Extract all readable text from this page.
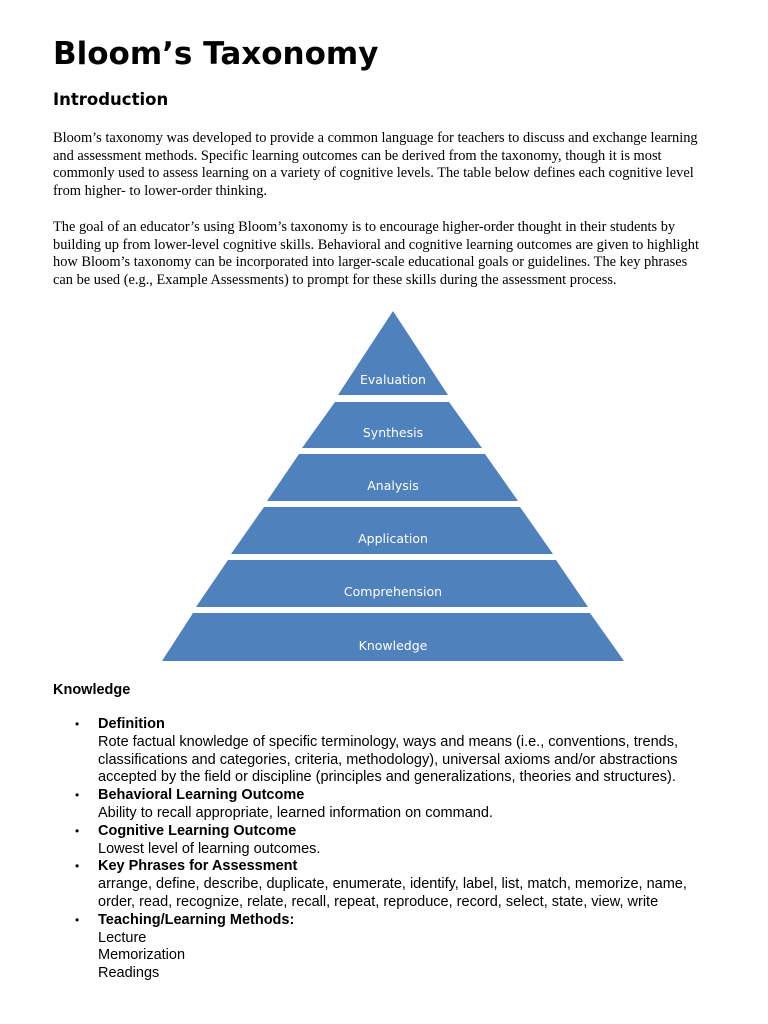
Bloom’s Taxonomy
Introduction

Bloom’s taxonomy was developed to provide a common language for teachers to discuss and exchange learning
and assessment methods. Specific learning outcomes can be derived from the taxonomy, though it is most
commonly used to assess learning on a variety of cognitive levels. The table below defines each cognitive level
from higher- to lower-order thinking.

The goal of an educator’s using Bloom’s taxonomy is to encourage higher-order thought in their students by
building up from lower-level cognitive skills. Behavioral and cognitive learning outcomes are given to highlight
how Bloom’s taxonomy can be incorporated into larger-scale educational goals or guidelines. The key phrases
can be used (e.g., Example Assessments) to prompt for these skills during the assessment process.

Evaluation
Synthesis
Analysis
Application
Comprehension
Knowledge
Knowledge
• Definition
Rote factual knowledge of specific terminology, ways and means (i.e., conventions, trends,
classifications and categories, criteria, methodology), universal axioms and/or abstractions
accepted by the field or discipline (principles and generalizations, theories and structures).
• Behavioral Learning Outcome
Ability to recall appropriate, learned information on command.
• Cognitive Learning Outcome
Lowest level of learning outcomes.
• Key Phrases for Assessment
arrange, define, describe, duplicate, enumerate, identify, label, list, match, memorize, name,
order, read, recognize, relate, recall, repeat, reproduce, record, select, state, view, write
• Teaching/Learning Methods:
Lecture
Memorization
Readings
